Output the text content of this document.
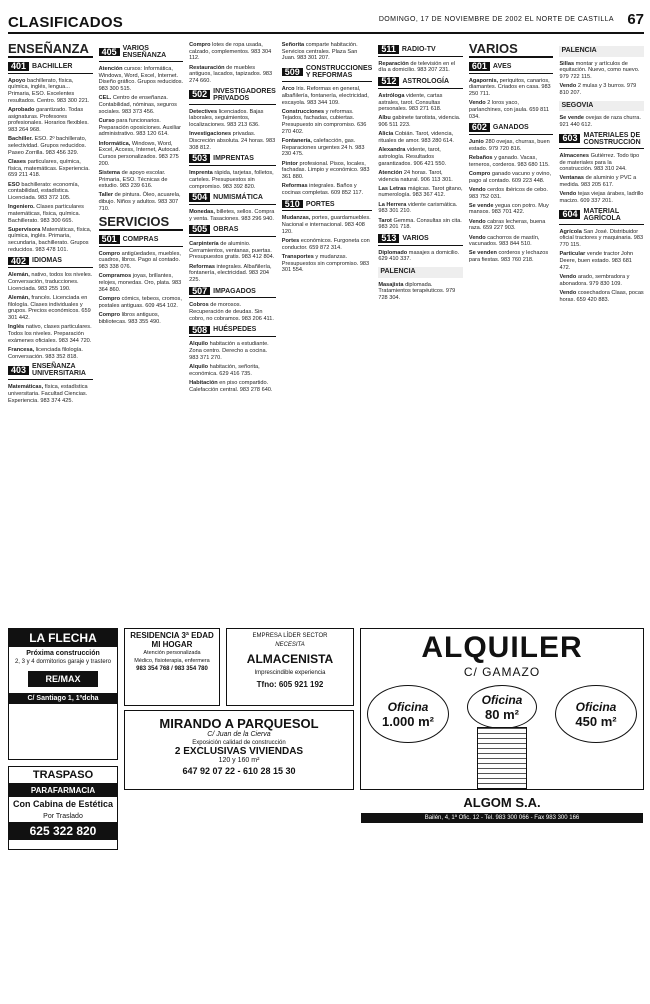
CLASIFICADOS	DOMINGO, 17 DE NOVIEMBRE DE 2002 EL NORTE DE CASTILLA 67
ENSEÑANZA
401 BACHILLER

Apoyo bachillerato, física, química, inglés, lengua... Primaria, ESO. Excelentes resultados. Centro. 983 300 221.

Aprobado garantizado. Todas asignaturas. Profesores profesionales. Horarios flexibles. 983 264 968.

Bachiller. ESO. 2º bachillerato, selectividad. Grupos reducidos. Paseo Zorrilla. 983 456 329.

Clases particulares, química, física, matemáticas. Experiencia. 659 211 418.

ESO bachillerato: economía, contabilidad, estadística. Licenciada. 983 372 105.

Ingeniero. Clases particulares matemáticas, física, química. Bachillerato. 983 300 665.

Supervisora Matemáticas, física, química, inglés. Primaria, secundaria, bachillerato. Grupos reducidos. 983 478 101.

402 IDIOMAS

Alemán, nativo, todos los niveles. Conversación, traducciones. Licenciada. 983 255 190.

Alemán, francés. Licenciada en filología. Clases individuales y grupos. Precios económicos. 659 301 442.

Inglés nativo, clases particulares. Todos los niveles. Preparación exámenes oficiales. 983 344 720.

Francesa, licenciada filología. Conversación. 983 352 818.

403 ENSEÑANZA UNIVERSITARIA

Matemáticas, física, estadística universitaria. Facultad Ciencias. Experiencia. 983 374 425.

405 VARIOS ENSEÑANZA

Atención cursos: Informática, Windows, Word, Excel, Internet. Diseño gráfico. Grupos reducidos. 983 300 515.

CEL. Centro de enseñanza. Contabilidad, nóminas, seguros sociales. 983 373 456.

Curso para funcionarios. Preparación oposiciones. Auxiliar administrativo. 983 120 614.

Informática, Windows, Word, Excel, Access, Internet, Autocad. Cursos personalizados. 983 275 200.

Sistema de apoyo escolar. Primaria, ESO. Técnicas de estudio. 983 239 616.

Taller de pintura. Óleo, acuarela, dibujo. Niños y adultos. 983 307 710.

SERVICIOS
501 COMPRAS

Compro antigüedades, muebles, cuadros, libros. Pago al contado. 983 338 076.

Compramos joyas, brillantes, relojes, monedas. Oro, plata. 983 364 860.

Compro cómics, tebeos, cromos, postales antiguas. 609 454 102.

Compro libros antiguos, bibliotecas. 983 355 490.

Compro lotes de ropa usada, calzado, complementos. 983 304 112.

Restauración de muebles antiguos, lacados, tapizados. 983 274 660.

502 INVESTIGADORES PRIVADOS

Detectives licenciados. Bajas laborales, seguimientos, localizaciones. 983 213 636.

Investigaciones privadas. Discreción absoluta. 24 horas. 983 308 812.

503 IMPRENTAS

Imprenta rápida, tarjetas, folletos, carteles. Presupuestos sin compromiso. 983 392 820.

504 NUMISMÁTICA

Monedas, billetes, sellos. Compra y venta. Tasaciones. 983 296 940.

505 OBRAS

Carpintería de aluminio. Cerramientos, ventanas, puertas. Presupuestos gratis. 983 412 804.

Reformas integrales. Albañilería, fontanería, electricidad. 983 204 225.

507 IMPAGADOS

Cobros de morosos. Recuperación de deudas. Sin cobro, no cobramos. 983 206 411.

508 HUÉSPEDES

Alquilo habitación a estudiante. Zona centro. Derecho a cocina. 983 371 270.

Alquilo habitación, señorita, económica. 629 416 735.

Habitación en piso compartido. Calefacción central. 983 278 640.

Señorita comparte habitación. Servicios centrales. Plaza San Juan. 983 301 207.

509 CONSTRUCCIONES Y REFORMAS

Arco Iris. Reformas en general, albañilería, fontanería, electricidad, escayola. 983 344 109.

Construcciones y reformas. Tejados, fachadas, cubiertas. Presupuesto sin compromiso. 636 270 402.

Fontanería, calefacción, gas. Reparaciones urgentes 24 h. 983 230 475.

Pintor profesional. Pisos, locales, fachadas. Limpio y económico. 983 361 880.

Reformas integrales. Baños y cocinas completas. 609 852 117.

510 PORTES

Mudanzas, portes, guardamuebles. Nacional e internacional. 983 408 120.

Portes económicos. Furgoneta con conductor. 659 872 314.

Transportes y mudanzas. Presupuestos sin compromiso. 983 301 554.

511 RADIO-TV

Reparación de televisión en el día a domicilio. 983 207 231.

512 ASTROLOGÍA

Astróloga vidente, cartas astrales, tarot. Consultas personales. 983 271 618.

Albu gabinete tarotista, videncia. 906 511 223.

Alicia Cobián. Tarot, videncia, rituales de amor. 983 280 614.

Alexandra vidente, tarot, astrología. Resultados garantizados. 906 421 550.

Atención 24 horas. Tarot, videncia natural. 906 113 301.

Las Letras mágicas. Tarot gitano, numerología. 983 367 412.

La Herrera vidente carismática. 983 301 210.

Tarot Gemma. Consultas sin cita. 983 201 718.

513 VARIOS

Diplomado masajes a domicilio. 629 410 337.

PALENCIA

Masajista diplomada. Tratamientos terapéuticos. 979 728 304.

VARIOS
601 AVES

Agapornis, periquitos, canarios, diamantes. Criados en casa. 983 250 711.

Vendo 2 loros yaco, parlanchines, con jaula. 659 811 034.

602 GANADOS

Junio 280 ovejas, churras, buen estado. 979 720 816.

Rebaños y ganado. Vacas, terneros, corderos. 983 680 115.

Compro ganado vacuno y ovino, pago al contado. 609 223 448.

Vendo cerdos ibéricos de cebo. 983 752 031.

Se vende yegua con potro. Muy mansos. 983 701 422.

Vendo cabras lecheras, buena raza. 659 227 903.

Vendo cachorros de mastín, vacunados. 983 844 510.

Se venden corderos y lechazos para fiestas. 983 760 218.

PALENCIA

Sillas montar y artículos de equitación. Nuevo, como nuevo. 979 722 115.

Vendo 2 mulas y 3 burros. 979 810 207.

SEGOVIA

Se vende ovejas de raza churra. 921 440 612.

603 MATERIALES DE CONSTRUCCIÓN

Almacenes Gutiérrez. Todo tipo de materiales para la construcción. 983 310 244.

Ventanas de aluminio y PVC a medida. 983 205 617.

Vendo tejas viejas árabes, ladrillo macizo. 609 337 201.

604 MATERIAL AGRÍCOLA

Agrícola San José. Distribuidor oficial tractores y maquinaria. 983 770 115.

Particular vende tractor John Deere, buen estado. 983 681 472.

Vendo arado, sembradora y abonadora. 979 830 109.

Vendo cosechadora Claas, pocas horas. 659 420 883.

LA FLECHA
Próxima construcción
2, 3 y 4 dormitorios garaje y trastero
RE/MAX
C/ Santiago 1, 1ºdcha
TRASPASO
PARAFARMACIA
Con Cabina de Estética
Por Traslado
625 322 820
RESIDENCIA 3ª EDAD MI HOGAR
Atención personalizada
Médico, fisioterapia, enfermera
983 354 768 / 983 354 780
EMPRESA LÍDER SECTOR
NECESITA
ALMACENISTA
Imprescindible experiencia
Tfno: 605 921 192
MIRANDO A PARQUESOL
C/ Juan de la Cierva
Exposición calidad de construcción
2 EXCLUSIVAS VIVIENDAS
120 y 160 m²
647 92 07 22 - 610 28 15 30
ALQUILER
C/ GAMAZO
Oficina
1.000 m²
Oficina
80 m²	Oficina
450 m²
ALGOM S.A.
Bailén, 4, 1ª Ofic. 12 - Tel. 983 300 066 - Fax 983 300 166
